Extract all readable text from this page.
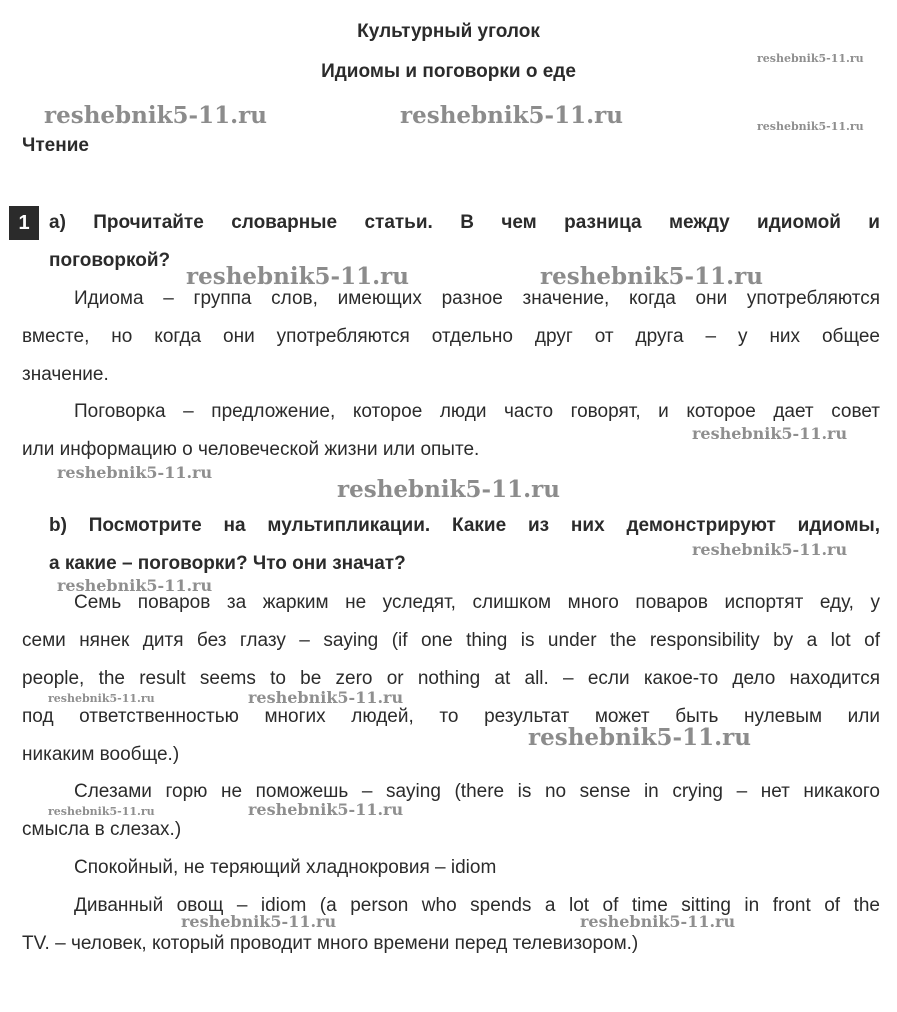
Культурный уголок
Идиомы и поговорки о еде
Чтение
1	а) Прочитайте словарные статьи. В чем разница между идиомой и
поговоркой?
Идиома – группа слов, имеющих разное значение, когда они употребляются
вместе, но когда они употребляются отдельно друг от друга – у них общее
значение.
Поговорка – предложение, которое люди часто говорят, и которое дает совет
или информацию о человеческой жизни или опыте.
b) Посмотрите на мультипликации. Какие из них демонстрируют идиомы,
а какие – поговорки? Что они значат?
Семь поваров за жарким не уследят, слишком много поваров испортят еду, у
семи нянек дитя без глазу – saying (if one thing is under the responsibility by a lot of
people, the result seems to be zero or nothing at all. – если какое-то дело находится
под ответственностью многих людей, то результат может быть нулевым или
никаким вообще.)
Слезами горю не поможешь – saying (there is no sense in crying – нет никакого
смысла в слезах.)
Спокойный, не теряющий хладнокровия – idiom
Диванный овощ – idiom (a person who spends a lot of time sitting in front of the
TV. – человек, который проводит много времени перед телевизором.)
reshebnik5-11.ru
reshebnik5-11.ru	reshebnik5-11.ru	reshebnik5-11.ru
reshebnik5-11.ru	reshebnik5-11.ru
reshebnik5-11.ru
reshebnik5-11.ru
reshebnik5-11.ru
reshebnik5-11.ru
reshebnik5-11.ru
reshebnik5-11.ru	reshebnik5-11.ru
reshebnik5-11.ru
reshebnik5-11.ru	reshebnik5-11.ru
reshebnik5-11.ru	reshebnik5-11.ru
